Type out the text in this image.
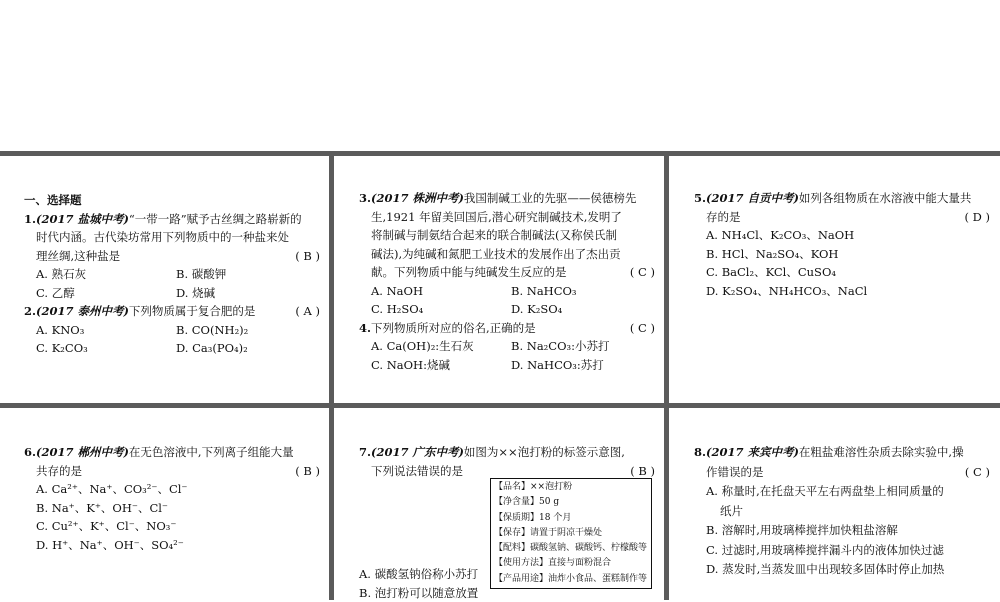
一、选择题
1.(2017 盐城中考)“一带一路”赋予古丝绸之路崭新的
时代内涵。古代染坊常用下列物质中的一种盐来处
理丝绸,这种盐是	( B )
A. 熟石灰	B. 碳酸钾
C. 乙醇	D. 烧碱
2.(2017 泰州中考)下列物质属于复合肥的是	( A )
A. KNO₃	B. CO(NH₂)₂
C. K₂CO₃	D. Ca₃(PO₄)₂
3.(2017 株洲中考)我国制碱工业的先驱——侯德榜先
生,1921 年留美回国后,潜心研究制碱技术,发明了
将制碱与制氨结合起来的联合制碱法(又称侯氏制
碱法),为纯碱和氮肥工业技术的发展作出了杰出贡
献。下列物质中能与纯碱发生反应的是	( C )
A. NaOH	B. NaHCO₃
C. H₂SO₄	D. K₂SO₄
4.下列物质所对应的俗名,正确的是	( C )
A. Ca(OH)₂:生石灰	B. Na₂CO₃:小苏打
C. NaOH:烧碱	D. NaHCO₃:苏打
5.(2017 自贡中考)如列各组物质在水溶液中能大量共
存的是	( D )
A. NH₄Cl、K₂CO₃、NaOH
B. HCl、Na₂SO₄、KOH
C. BaCl₂、KCl、CuSO₄
D. K₂SO₄、NH₄HCO₃、NaCl
6.(2017 郴州中考)在无色溶液中,下列离子组能大量
共存的是	( B )
A. Ca²⁺、Na⁺、CO₃²⁻、Cl⁻
B. Na⁺、K⁺、OH⁻、Cl⁻
C. Cu²⁺、K⁺、Cl⁻、NO₃⁻
D. H⁺、Na⁺、OH⁻、SO₄²⁻
7.(2017 广东中考)如图为××泡打粉的标签示意图,
下列说法错误的是	( B )
【品名】××泡打粉
【净含量】50 g
【保质期】18 个月
【保存】请置于阴凉干燥处
【配料】碳酸氢钠、碳酸钙、柠檬酸等
【使用方法】直接与面粉混合
【产品用途】油炸小食品、蛋糕制作等
A. 碳酸氢钠俗称小苏打
B. 泡打粉可以随意放置
8.(2017 来宾中考)在粗盐难溶性杂质去除实验中,操
作错误的是	( C )
A. 称量时,在托盘天平左右两盘垫上相同质量的
纸片
B. 溶解时,用玻璃棒搅拌加快粗盐溶解
C. 过滤时,用玻璃棒搅拌漏斗内的液体加快过滤
D. 蒸发时,当蒸发皿中出现较多固体时停止加热
